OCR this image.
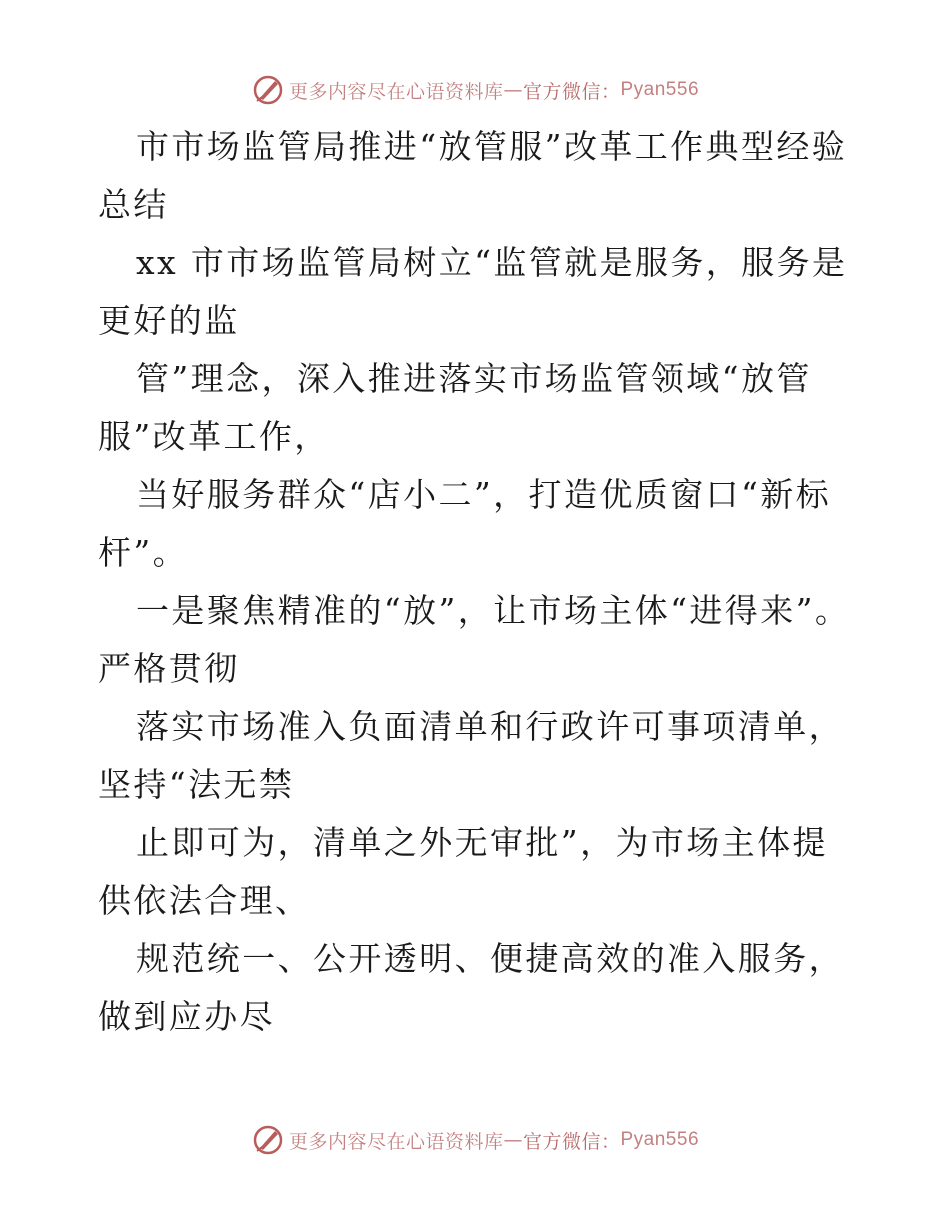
更多内容尽在心语资料库 — 官方微信： Pyan556

市市场监管局推进“放管服”改革工作典型经验总结

xx 市市场监管局树立“监管就是服务，服务是更好的监

管”理念，深入推进落实市场监管领域“放管服”改革工作，

当好服务群众“店小二”，打造优质窗口“新标杆”。

一是聚焦精准的“放”，让市场主体“进得来”。严格贯彻

落实市场准入负面清单和行政许可事项清单，坚持“法无禁

止即可为，清单之外无审批”，为市场主体提供依法合理、

规范统一、公开透明、便捷高效的准入服务，做到应办尽

更多内容尽在心语资料库 — 官方微信： Pyan556
